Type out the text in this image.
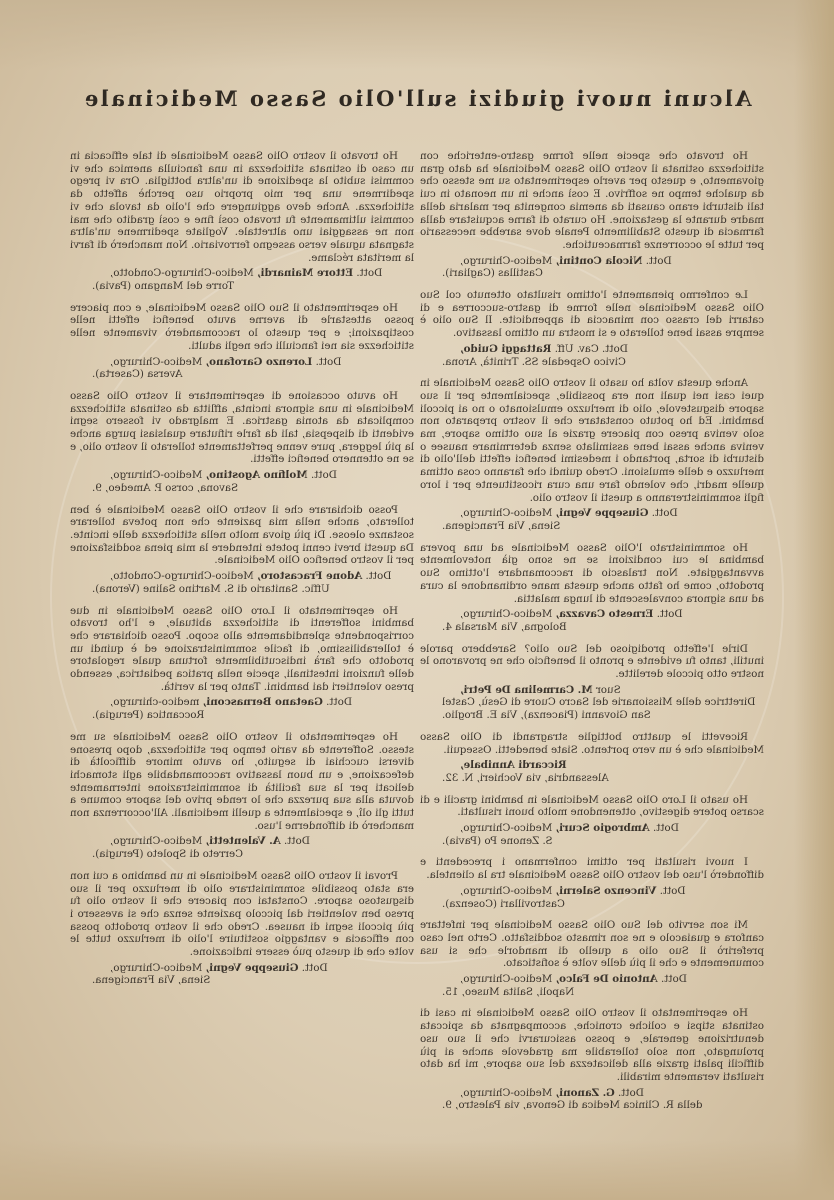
Alcuni nuovi giudizi sull'Olio Sasso Medicinale

Ho trovato che specie nelle forme gastro-enteriche con stitichezza ostinata il vostro Olio Sasso Medicinale ha dato gran giovamento, e questo per averlo esperimentato su me stesso che da qualche tempo ne soffrivo. E così anche in un neonato in cui tali disturbi erano causati da anemia congenita per malaria della madre durante la gestazione. Ho curato di farne acquistare dalla farmacia di questo Stabilimento Penale dove sarebbe necessario per tutte le occorrenze farmaceutiche.

Dott. Nicola Contini, Medico-Chirurgo,
Castillas (Cagliari).

Le confermo pienamente l'ottimo risultato ottenuto col Suo Olio Sasso Medicinale nelle forme di gastro-succorrea e di catarri del crasso con minaccia di appendicite. Il Suo olio è sempre assai bene tollerato e si mostra un ottimo lassativo.

Dott. Cav. Uff. Rattaggi Guido,
Civico Ospedale SS. Trinità, Arona.

Anche questa volta ho usato il vostro Olio Sasso Medicinale in quei casi nei quali non era possibile, specialmente per il suo sapore disgustevole, olio di merluzzo emulsionato o no ai piccoli bambini. Ed ho potuto constatare che il vostro preparato non solo veniva preso con piacere grazie al suo ottimo sapore, ma veniva anche assai bene assimilato senza determinare nausee o disturbi di sorta, portando i medesimi benefici effetti dell'olio di merluzzo e delle emulsioni. Credo quindi che faranno cosa ottima quelle madri, che volendo fare una cura ricostituente per i loro figli somministreranno a questi il vostro olio.

Dott. Giuseppe Vegni, Medico-Chirurgo,
Siena, Via Francigena.

Ho somministrato l'Olio Sasso Medicinale ad una povera bambina le cui condizioni se ne sono già notevolmente avvantaggiate. Non tralascio di raccomandare l'ottimo Suo prodotto, come ho fatto anche questa mane ordinandone la cura ad una signora convalescente di lunga malattia.

Dott. Ernesto Cavazza, Medico-Chirurgo,
Bologna, Via Marsala 4.

Dirle l'effetto prodigioso del Suo olio? Sarebbero parole inutili, tanto fu evidente e pronto il beneficio che ne provarono le nostre otto piccole derelitte.

Suor M. Carmelina De Petri,
Direttrice delle Missionarie del Sacro Cuore di Gesù, Castel San Giovanni (Piacenza), Via E. Broglio.

Ricevetti le quattro bottiglie stragrandi di Olio Sasso Medicinale che è un vero portento. Siate benedetti. Ossequii.

Riccardi Annibale,
Alessandria, via Vochieri, N. 32.

Ho usato il Loro Olio Sasso Medicinale in bambini gracili e di scarso potere digestivo, ottenendone molto buoni risultati.

Dott. Ambrogio Scuri, Medico-Chirurgo,
S. Zenone Po (Pavia).

I nuovi risultati per ottimi confermano i precedenti e diffonderò l'uso del vostro Olio Sasso Medicinale tra la clientela.

Dott. Vincenzo Salerni, Medico-Chirurgo,
Castrovillari (Cosenza).

Mi son servito del Suo Olio Sasso Medicinale per infettare canfora e guaiacolo e ne son rimasto soddisfatto. Certo nel caso preferirò il Suo olio a quello di mandorle che si usa comunemente e che il più delle volte è sofisticato.

Dott. Antonio De Falco, Medico-Chirurgo,
Napoli, Salita Museo, 15.

Ho esperimentato il vostro Olio Sasso Medicinale in casi di ostinata stipsi e coliche croniche, accompagnata da spiccata denutrizione generale, e posso assicurarvi che il suo uso prolungato, non solo tollerabile ma gradevole anche ai più difficili palati grazie alla delicatezza del suo sapore, mi ha dato risultati veramente mirabili.

Dott. G. Zanoni, Medico-Chirurgo,
della R. Clinica Medica di Genova, via Palestro, 9.

Ho trovato il vostro Olio Sasso Medicinale di tale efficacia in un caso di ostinata stitichezza in una fanciulla anemica che vi commisi subito la spedizione di un'altra bottiglia. Ora vi prego spedirmene una per mio proprio uso perchè affetto da stitichezza. Anche devo aggiungere che l'olio da tavola che vi commisi ultimamente fu trovato così fine e così gradito che mai non ne assaggiai uno altrettale. Vogliate spedirmene un'altra stagnata uguale verso assegno ferroviario. Non mancherò di farvi la meritata réclame.

Dott. Ettore Mainardi, Medico-Chirurgo-Condotto,
Torre del Mangano (Pavia).

Ho esperimentato il Suo Olio Sasso Medicinale, e con piacere posso attestarle di averne avuto benefici effetti nelle costipazioni; e per questo lo raccomanderò vivamente nelle stitichezze sia nei fanciulli che negli adulti.

Dott. Lorenzo Garofano, Medico-Chirurgo,
Aversa (Caserta).

Ho avuto occasione di esperimentare il vostro Olio Sasso Medicinale in una signora incinta, afflitta da ostinata stitichezza complicata da atonia gastrica. E malgrado vi fossero segni evidenti di dispepsia, tali da farle rifiutare qualsiasi purga anche la più leggera, pure venne perfettamente tollerato il vostro olio, e se ne ottennero benefici effetti.

Dott. Molfino Agostino, Medico-Chirurgo,
Savona, corso P. Amedeo, 9.

Posso dichiarare che il vostro Olio Sasso Medicinale è ben tollerato, anche nella mia paziente che non poteva tollerare sostanze oleose. Di più giova molto nella stitichezza delle incinte. Da questi brevi cenni potete intendere la mia piena soddisfazione per il vostro benefico Olio Medicinale.

Dott. Adone Fracastoro, Medico-Chirurgo-Condotto,
Uffic. Sanitario di S. Martino Saline (Verona).

Ho esperimentato il Loro Olio Sasso Medicinale in due bambini sofferenti di stitichezza abituale, e l'ho trovato corrispondente splendidamente allo scopo. Posso dichiarare che è tollerabilissimo, di facile somministrazione ed è quindi un prodotto che farà indiscutibilmente fortuna quale regolatore delle funzioni intestinali, specie nella pratica pediatrica, essendo preso volentieri dai bambini. Tanto per la verità.

Dott. Gaetano Bernasconi, medico-chirurgo,
Roccantica (Perugia).

Ho esperimentato il vostro Olio Sasso Medicinale su me stesso. Sofferente da vario tempo per stitichezza, dopo presone diversi cucchiai di seguito, ho avuto minore difficoltà di defecazione, e un buon lassativo raccomandabile agli stomachi delicati per la sua facilità di somministrazione internamente dovuta alla sua purezza che lo rende privo del sapore comune a tutti gli olî, e specialmente a quelli medicinali. All'occorrenza non mancherò di diffonderne l'uso.

Dott. A. Valentetti, Medico-Chirurgo,
Cerreto di Spoleto (Perugia).

Provai il vostro Olio Sasso Medicinale in un bambino a cui non era stato possibile somministrare olio di merluzzo per il suo disgustoso sapore. Constatai con piacere che il vostro olio fu preso ben volentieri dal piccolo paziente senza che si avessero i più piccoli segni di nausea. Credo che il vostro prodotto possa con efficacia e vantaggio sostituire l'olio di merluzzo tutte le volte che di questo può essere indicazione.

Dott. Giuseppe Vegni, Medico-Chirurgo,
Siena, Via Francigena.
